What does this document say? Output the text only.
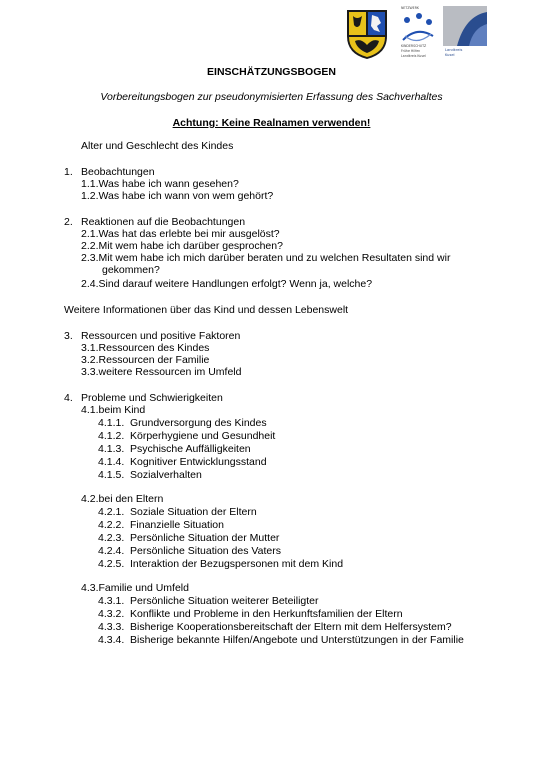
NETZWERK
KINDERSCHUTZ
Frühe Hilfen
Landkreis Kusel
Landkreis
Kusel
EINSCHÄTZUNGSBOGEN
Vorbereitungsbogen zur pseudonymisierten Erfassung des Sachverhaltes
Achtung: Keine Realnamen verwenden!
Alter und Geschlecht des Kindes
1. Beobachtungen
1.1.Was habe ich wann gesehen?
1.2.Was habe ich wann von wem gehört?
2. Reaktionen auf die Beobachtungen
2.1.Was hat das erlebte bei mir ausgelöst?
2.2.Mit wem habe ich darüber gesprochen?
2.3.Mit wem habe ich mich darüber beraten und zu welchen Resultaten sind wir
gekommen?
2.4.Sind darauf weitere Handlungen erfolgt? Wenn ja, welche?
Weitere Informationen über das Kind und dessen Lebenswelt
3. Ressourcen und positive Faktoren
3.1.Ressourcen des Kindes
3.2.Ressourcen der Familie
3.3.weitere Ressourcen im Umfeld
4. Probleme und Schwierigkeiten
4.1.beim Kind
4.1.1. Grundversorgung des Kindes
4.1.2. Körperhygiene und Gesundheit
4.1.3. Psychische Auffälligkeiten
4.1.4. Kognitiver Entwicklungsstand
4.1.5. Sozialverhalten
4.2.bei den Eltern
4.2.1. Soziale Situation der Eltern
4.2.2. Finanzielle Situation
4.2.3. Persönliche Situation der Mutter
4.2.4. Persönliche Situation des Vaters
4.2.5. Interaktion der Bezugspersonen mit dem Kind
4.3.Familie und Umfeld
4.3.1. Persönliche Situation weiterer Beteiligter
4.3.2. Konflikte und Probleme in den Herkunftsfamilien der Eltern
4.3.3. Bisherige Kooperationsbereitschaft der Eltern mit dem Helfersystem?
4.3.4. Bisherige bekannte Hilfen/Angebote und Unterstützungen in der Familie
